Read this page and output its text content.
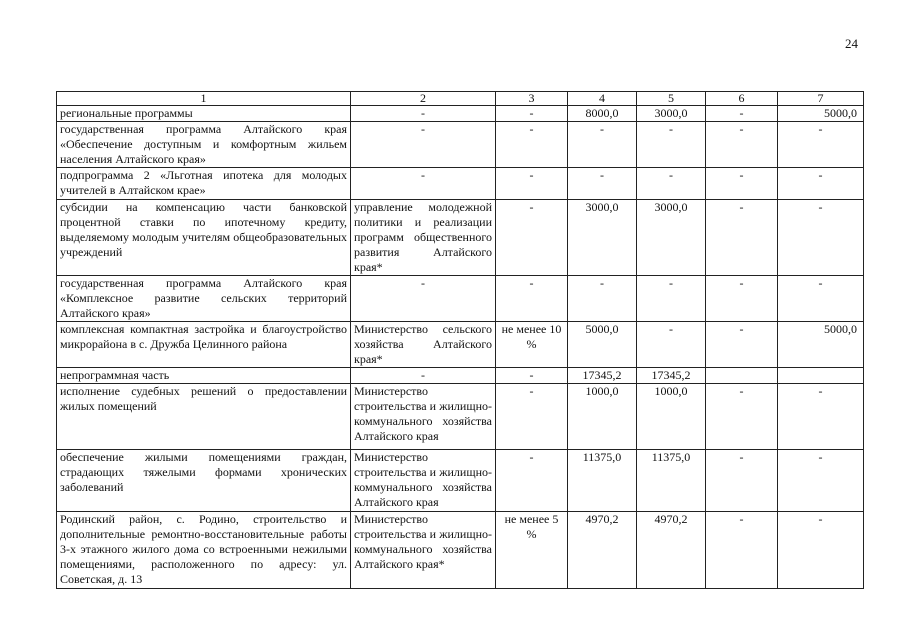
24
1	2	3	4	5	6	7
региональные программы	-	-	8000,0	3000,0	-	5000,0
государственная программа Алтайского края «Обеспечение доступным и комфортным жильем населения Алтайского края»	-	-	-	-	-	-
подпрограмма 2 «Льготная ипотека для молодых учителей в Алтайском крае»	-	-	-	-	-	-
субсидии на компенсацию части банковской процентной ставки по ипотечному кредиту, выделяемому молодым учителям общеобразовательных учреждений	управление молодежной политики и реализации программ общественного развития Алтайского края*	-	3000,0	3000,0	-	-
государственная программа Алтайского края «Комплексное развитие сельских территорий Алтайского края»	-	-	-	-	-	-
комплексная компактная застройка и благоустройство микрорайона в с. Дружба Целинного района	Министерство сельского хозяйства Алтайского края*	не менее 10 %	5000,0	-	-	5000,0
непрограммная часть	-	-	17345,2	17345,2		
исполнение судебных решений о предоставлении жилых помещений	Министерство строительства и жилищно-коммунального хозяйства Алтайского края	-	1000,0	1000,0	-	-
обеспечение жилыми помещениями граждан, страдающих тяжелыми формами хронических заболеваний	Министерство строительства и жилищно-коммунального хозяйства Алтайского края	-	11375,0	11375,0	-	-
Родинский район, с. Родино, строительство и дополнительные ремонтно-восстановительные работы 3-х этажного жилого дома со встроенными нежилыми помещениями, расположенного по адресу: ул. Советская, д. 13	Министерство строительства и жилищно-коммунального хозяйства Алтайского края*	не менее 5 %	4970,2	4970,2	-	-
